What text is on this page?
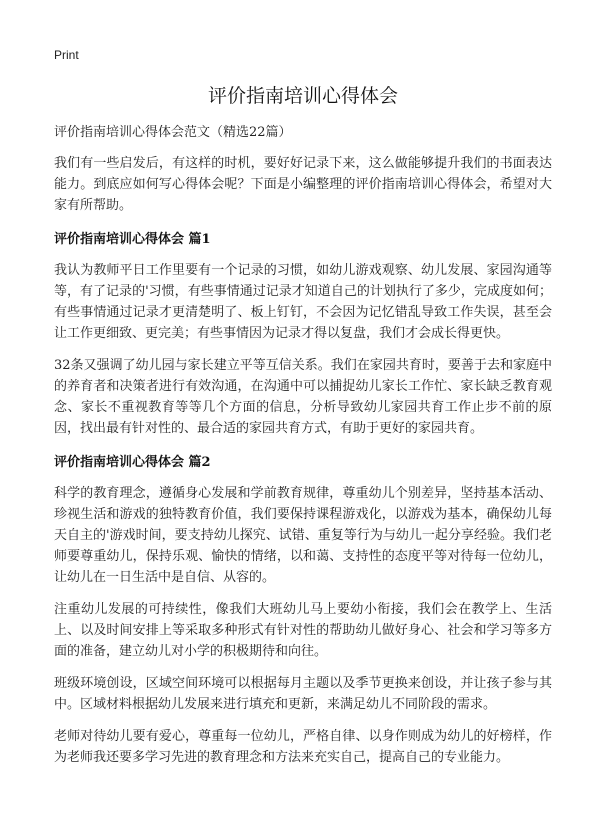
Print
评价指南培训心得体会

评价指南培训心得体会范文（精选22篇）

我们有一些启发后，有这样的时机，要好好记录下来，这么做能够提升我们的书面表达能力。到底应如何写心得体会呢？下面是小编整理的评价指南培训心得体会，希望对大家有所帮助。

评价指南培训心得体会 篇1

我认为教师平日工作里要有一个记录的习惯，如幼儿游戏观察、幼儿发展、家园沟通等等，有了记录的'习惯，有些事情通过记录才知道自己的计划执行了多少，完成度如何；有些事情通过记录才更清楚明了、板上钉钉，不会因为记忆错乱导致工作失误，甚至会让工作更细致、更完美；有些事情因为记录才得以复盘，我们才会成长得更快。

32条又强调了幼儿园与家长建立平等互信关系。我们在家园共育时，要善于去和家庭中的养育者和决策者进行有效沟通，在沟通中可以捕捉幼儿家长工作忙、家长缺乏教育观念、家长不重视教育等等几个方面的信息，分析导致幼儿家园共育工作止步不前的原因，找出最有针对性的、最合适的家园共育方式，有助于更好的家园共育。

评价指南培训心得体会 篇2

科学的教育理念，遵循身心发展和学前教育规律，尊重幼儿个别差异，坚持基本活动、珍视生活和游戏的独特教育价值，我们要保持课程游戏化，以游戏为基本，确保幼儿每天自主的'游戏时间，要支持幼儿探究、试错、重复等行为与幼儿一起分享经验。我们老师要尊重幼儿，保持乐观、愉快的情绪，以和蔼、支持性的态度平等对待每一位幼儿，让幼儿在一日生活中是自信、从容的。

注重幼儿发展的可持续性，像我们大班幼儿马上要幼小衔接，我们会在教学上、生活上、以及时间安排上等采取多种形式有针对性的帮助幼儿做好身心、社会和学习等多方面的准备，建立幼儿对小学的积极期待和向往。

班级环境创设，区域空间环境可以根据每月主题以及季节更换来创设，并让孩子参与其中。区域材料根据幼儿发展来进行填充和更新，来满足幼儿不同阶段的需求。

老师对待幼儿要有爱心，尊重每一位幼儿，严格自律、以身作则成为幼儿的好榜样，作为老师我还要多学习先进的教育理念和方法来充实自己，提高自己的专业能力。
